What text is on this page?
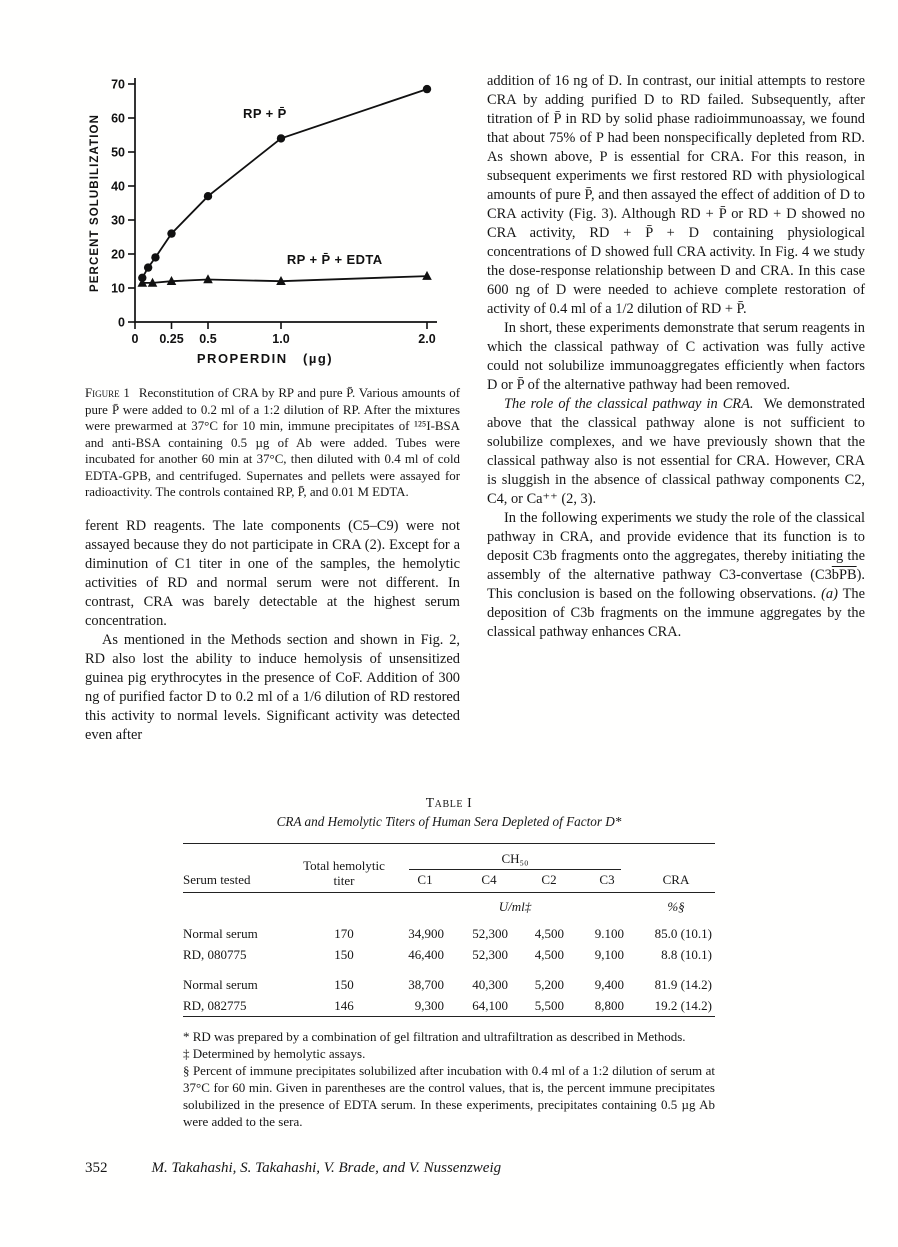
0
10
20
30
40
50
60
70
0 0.25 0.5	1.0	2.0
PROPERDIN   (µg)
PERCENT SOLUBILIZATION
RP + P̄
RP + P̄ + EDTA

Figure 1 Reconstitution of CRA by RP and pure P̄. Various amounts of pure P̄ were added to 0.2 ml of a 1:2 dilution of RP. After the mixtures were prewarmed at 37°C for 10 min, immune precipitates of ¹²⁵I-BSA and anti-BSA containing 0.5 µg of Ab were added. Tubes were incubated for another 60 min at 37°C, then diluted with 0.4 ml of cold EDTA-GPB, and centrifuged. Supernates and pellets were assayed for radioactivity. The controls contained RP, P̄, and 0.01 M EDTA.

ferent RD reagents. The late components (C5–C9) were not assayed because they do not participate in CRA (2). Except for a diminution of C1 titer in one of the samples, the hemolytic activities of RD and normal serum were not different. In contrast, CRA was barely detectable at the highest serum concentration.

As mentioned in the Methods section and shown in Fig. 2, RD also lost the ability to induce hemolysis of unsensitized guinea pig erythrocytes in the presence of CoF. Addition of 300 ng of purified factor D to 0.2 ml of a 1/6 dilution of RD restored this activity to normal levels. Significant activity was detected even after

addition of 16 ng of D. In contrast, our initial attempts to restore CRA by adding purified D to RD failed. Subsequently, after titration of P̄ in RD by solid phase radioimmunoassay, we found that about 75% of P had been nonspecifically depleted from RD. As shown above, P is essential for CRA. For this reason, in subsequent experiments we first restored RD with physiological amounts of pure P̄, and then assayed the effect of addition of D to CRA activity (Fig. 3). Although RD + P̄ or RD + D showed no CRA activity, RD + P̄ + D containing physiological concentrations of D showed full CRA activity. In Fig. 4 we study the dose-response relationship between D and CRA. In this case 600 ng of D were needed to achieve complete restoration of activity of 0.4 ml of a 1/2 dilution of RD + P̄.

In short, these experiments demonstrate that serum reagents in which the classical pathway of C activation was fully active could not solubilize immunoaggregates efficiently when factors D or P̄ of the alternative pathway had been removed.

The role of the classical pathway in CRA.  We demonstrated above that the classical pathway alone is not sufficient to solubilize complexes, and we have previously shown that the classical pathway also is not essential for CRA. However, CRA is sluggish in the absence of classical pathway components C2, C4, or Ca⁺⁺ (2, 3).

In the following experiments we study the role of the classical pathway in CRA, and provide evidence that its function is to deposit C3b fragments onto the aggregates, thereby initiating the assembly of the alternative pathway C3-convertase $(C3\overline{bPB})$. This conclusion is based on the following observations. (a) The deposition of C3b fragments on the immune aggregates by the classical pathway enhances CRA.

Table I
CRA and Hemolytic Titers of Human Sera Depleted of Factor D*
Serum tested	Total hemolytic titer	CH₅₀				CRA
		C1	C4	C2	C3	
		U/ml‡				%§
Normal serum	170	34,900	52,300	4,500	9.100	85.0 (10.1)
RD, 080775	150	46,400	52,300	4,500	9,100	8.8 (10.1)

Normal serum	150	38,700	40,300	5,200	9,400	81.9 (14.2)
RD, 082775	146	9,300	64,100	5,500	8,800	19.2 (14.2)

* RD was prepared by a combination of gel filtration and ultrafiltration as described in Methods.

‡ Determined by hemolytic assays.

§ Percent of immune precipitates solubilized after incubation with 0.4 ml of a 1:2 dilution of serum at 37°C for 60 min. Given in parentheses are the control values, that is, the percent immune precipitates solubilized in the presence of EDTA serum. In these experiments, precipitates containing 0.5 µg Ab were added to the sera.

352	M. Takahashi, S. Takahashi, V. Brade, and V. Nussenzweig
